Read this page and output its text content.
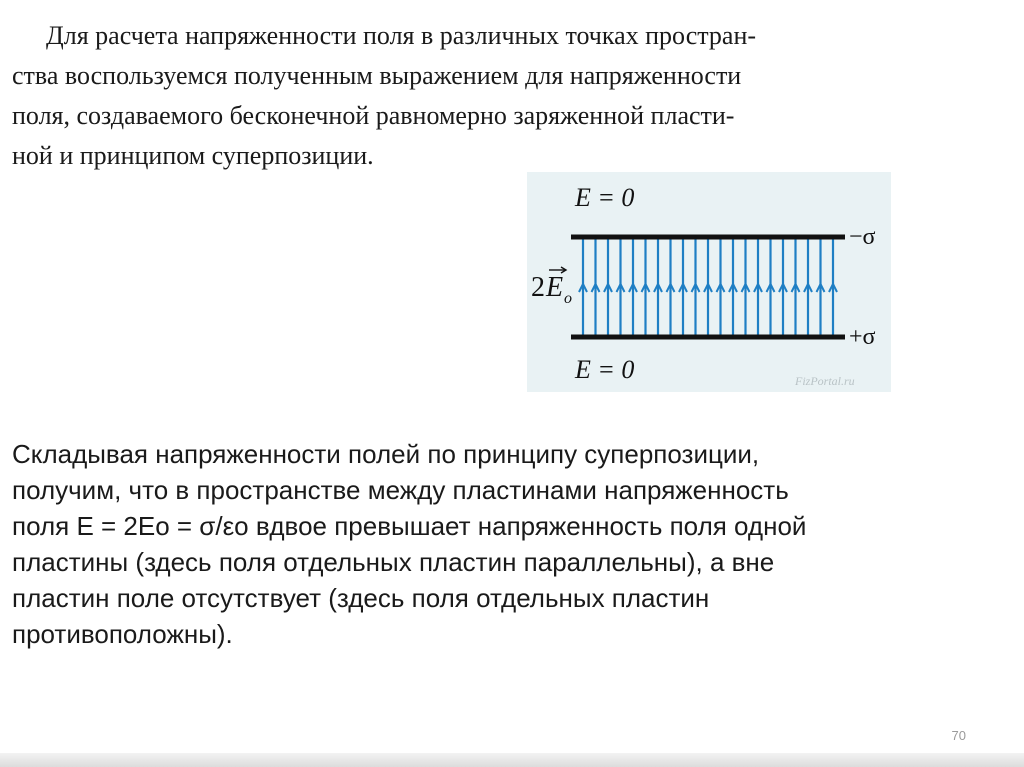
Для расчета напряженности поля в различных точках простран-
ства воспользуемся полученным выражением для напряженности
поля, создаваемого бесконечной равномерно заряженной пласти-
ной и принципом суперпозиции.
E = 0
−σ
+σ
2 E o
E = 0	FizPortal.ru
Складывая напряженности полей по принципу суперпозиции,
получим, что в пространстве между пластинами напряженность
поля E = 2Eo = σ/εo вдвое превышает напряженность поля одной
пластины (здесь поля отдельных пластин параллельны), а вне
пластин поле отсутствует (здесь поля отдельных пластин
противоположны).
70
